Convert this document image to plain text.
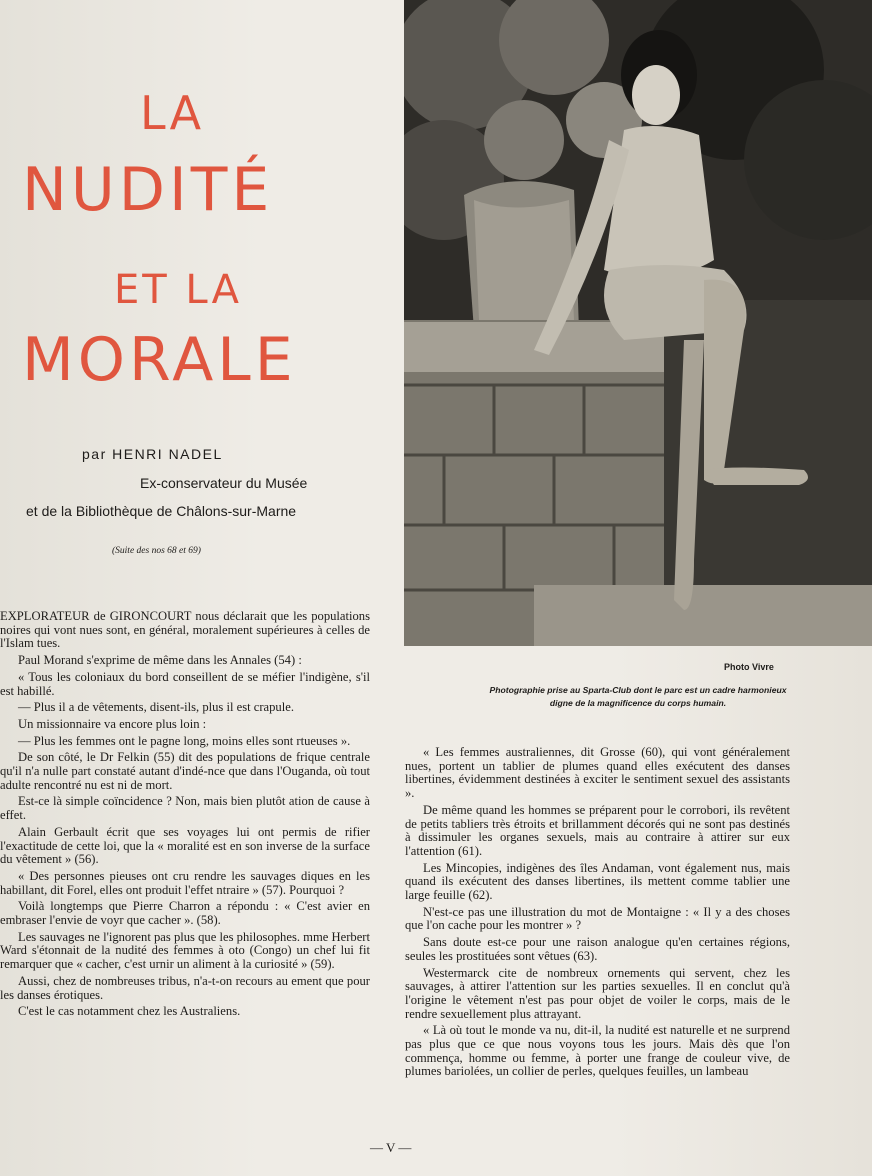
LA
NUDITÉ
ET LA
MORALE
par HENRI NADEL
Ex-conservateur du Musée
et de la Bibliothèque de Châlons-sur-Marne
(Suite des nos 68 et 69)
Photo Vivre
Photographie prise au Sparta-Club dont le parc est un cadre harmonieux
digne de la magnificence du corps humain.

EXPLORATEUR de GIRONCOURT nous déclarait que les populations noires qui vont nues sont, en général, moralement supérieures à celles de l'Islam tues.

Paul Morand s'exprime de même dans les Annales (54) :

« Tous les coloniaux du bord conseillent de se méfier l'indigène, s'il est habillé.

— Plus il a de vêtements, disent-ils, plus il est crapule.

Un missionnaire va encore plus loin :

— Plus les femmes ont le pagne long, moins elles sont rtueuses ».

De son côté, le Dr Felkin (55) dit des populations de frique centrale qu'il n'a nulle part constaté autant d'indé-nce que dans l'Ouganda, où tout adulte rencontré nu est ni de mort.

Est-ce là simple coïncidence ? Non, mais bien plutôt ation de cause à effet.

Alain Gerbault écrit que ses voyages lui ont permis de rifier l'exactitude de cette loi, que la « moralité est en son inverse de la surface du vêtement » (56).

« Des personnes pieuses ont cru rendre les sauvages diques en les habillant, dit Forel, elles ont produit l'effet ntraire » (57). Pourquoi ?

Voilà longtemps que Pierre Charron a répondu : « C'est avier en embraser l'envie de voyr que cacher ». (58).

Les sauvages ne l'ignorent pas plus que les philosophes. mme Herbert Ward s'étonnait de la nudité des femmes à oto (Congo) un chef lui fit remarquer que « cacher, c'est urnir un aliment à la curiosité » (59).

Aussi, chez de nombreuses tribus, n'a-t-on recours au ement que pour les danses érotiques.

C'est le cas notamment chez les Australiens.

« Les femmes australiennes, dit Grosse (60), qui vont généralement nues, portent un tablier de plumes quand elles exécutent des danses libertines, évidemment destinées à exciter le sentiment sexuel des assistants ».

De même quand les hommes se préparent pour le corrobori, ils revêtent de petits tabliers très étroits et brillamment décorés qui ne sont pas destinés à dissimuler les organes sexuels, mais au contraire à attirer sur eux l'attention (61).

Les Mincopies, indigènes des îles Andaman, vont également nus, mais quand ils exécutent des danses libertines, ils mettent comme tablier une large feuille (62).

N'est-ce pas une illustration du mot de Montaigne : « Il y a des choses que l'on cache pour les montrer » ?

Sans doute est-ce pour une raison analogue qu'en certaines régions, seules les prostituées sont vêtues (63).

Westermarck cite de nombreux ornements qui servent, chez les sauvages, à attirer l'attention sur les parties sexuelles. Il en conclut qu'à l'origine le vêtement n'est pas pour objet de voiler le corps, mais de le rendre sexuellement plus attrayant.

« Là où tout le monde va nu, dit-il, la nudité est naturelle et ne surprend pas plus que ce que nous voyons tous les jours. Mais dès que l'on commença, homme ou femme, à porter une frange de couleur vive, de plumes bariolées, un collier de perles, quelques feuilles, un lambeau

— V —
